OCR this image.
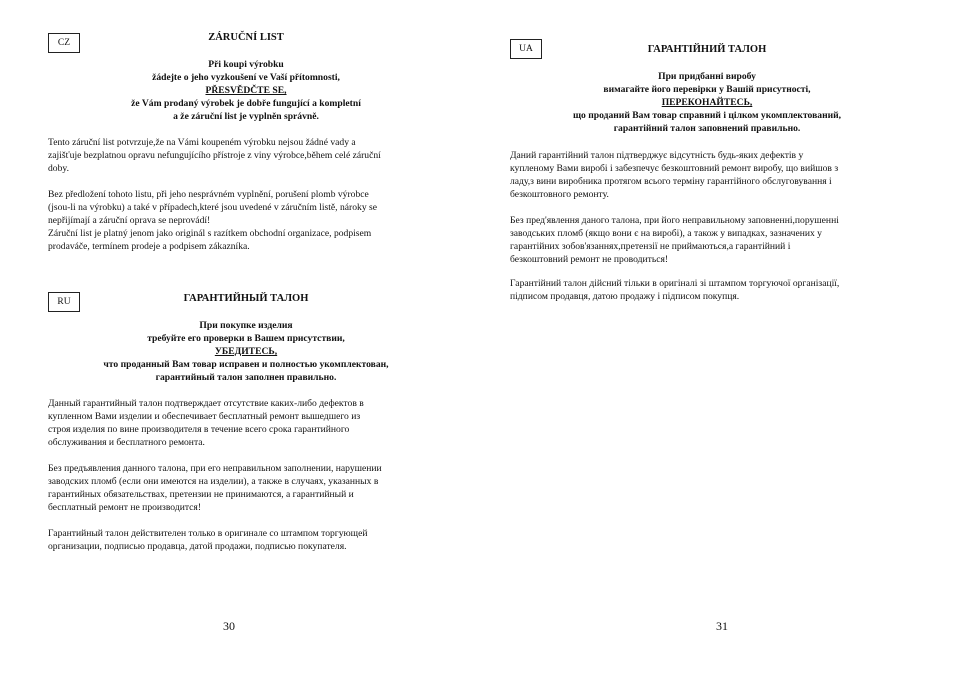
CZ	ZÁRUČNÍ LIST
Při koupi výrobku
žádejte o jeho vyzkoušení ve Vaší přítomnosti,
PŘESVĚDČTE SE,
že Vám prodaný výrobek je dobře fungující a kompletní
a že záruční list je vyplněn správně.
Tento záruční list potvrzuje,že na Vámi koupeném výrobku nejsou žádné vady a
zajišťuje bezplatnou opravu nefungujícího přístroje z viny výrobce,během celé záruční
doby.
Bez předložení tohoto listu, při jeho nesprávném vyplnění, porušení plomb výrobce
(jsou-li na výrobku) a také v případech,které jsou uvedené v záručním listě, nároky se
nepřijímají a záruční oprava se neprovádí!
Záruční list je platný jenom jako originál s razítkem obchodní organizace, podpisem
prodaváče, termínem prodeje a podpisem zákazníka.
RU	ГАРАНТИЙНЫЙ ТАЛОН
При покупке изделия
требуйте его проверки в Вашем присутствии,
УБЕДИТЕСЬ,
что проданный Вам товар исправен и полностью укомплектован,
гарантийный талон заполнен правильно.
Данный гарантийный талон подтверждает отсутствие каких-либо дефектов в
купленном Вами изделии и обеспечивает бесплатный ремонт вышедшего из
строя изделия по вине производителя в течение всего срока гарантийного
обслуживания и бесплатного ремонта.
Без предъявления данного талона, при его неправильном заполнении, нарушении
заводских пломб (если они имеются на изделии), а также в случаях, указанных в
гарантийных обязательствах, претензии не принимаются, а гарантийный и
бесплатный ремонт не производится!
Гарантийный талон действителен только в оригинале со штампом торгующей
организации, подписью продавца, датой продажи, подписью покупателя.
30
UA	ГАРАНТІЙНИЙ ТАЛОН
При придбанні виробу
вимагайте його перевірки у Вашій присутності,
ПЕРЕКОНАЙТЕСЬ,
що проданий Вам товар справний і цілком укомплектований,
гарантійний талон заповнений правильно.
Даний гарантійний талон підтверджує відсутність будь-яких дефектів у
купленому Вами виробі і забезпечує безкоштовний ремонт виробу, що вийшов з
ладу,з вини виробника протягом всього терміну гарантійного обслуговування і
безкоштовного ремонту.
Без пред'явлення даного талона, при його неправильному заповненні,порушенні
заводських пломб (якщо вони є на виробі), а також у випадках, зазначених у
гарантійних зобов'язаннях,претензії не приймаються,а гарантійний і
безкоштовний ремонт не проводиться!
Гарантійний талон дійсний тільки в оригіналі зі штампом торгуючої організації,
підписом продавця, датою продажу і підписом покупця.
31
